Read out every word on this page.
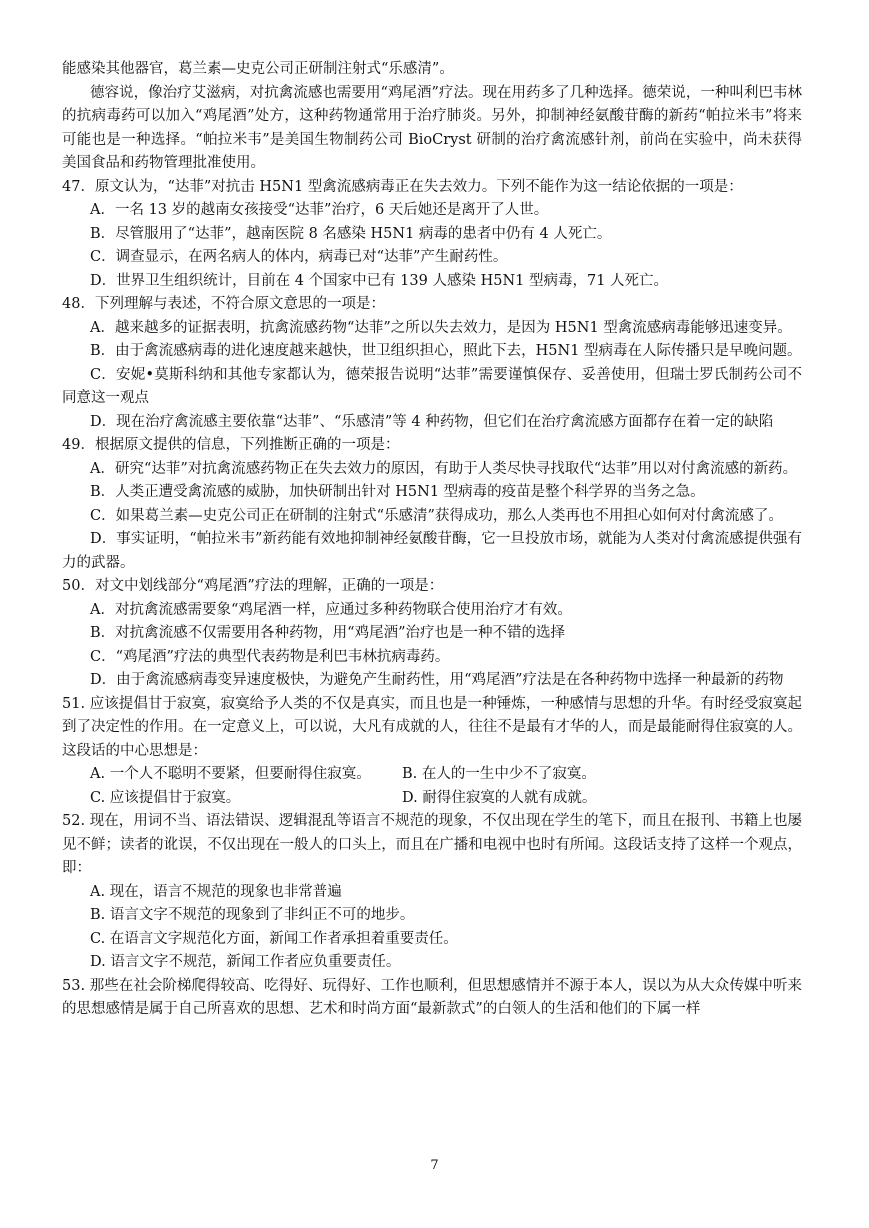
能感染其他器官，葛兰素—史克公司正研制注射式“乐感清”。

德容说，像治疗艾滋病，对抗禽流感也需要用“鸡尾酒”疗法。现在用药多了几种选择。德荣说，一种叫利巴韦林的抗病毒药可以加入“鸡尾酒”处方，这种药物通常用于治疗肺炎。另外，抑制神经氨酸苷酶的新药“帕拉米韦”将来可能也是一种选择。“帕拉米韦”是美国生物制药公司 BioCryst 研制的治疗禽流感针剂，前尚在实验中，尚未获得美国食品和药物管理批准使用。

47．原文认为，“达菲”对抗击 H5N1 型禽流感病毒正在失去效力。下列不能作为这一结论依据的一项是：

A．一名 13 岁的越南女孩接受“达菲”治疗，6 天后她还是离开了人世。

B．尽管服用了“达菲”，越南医院 8 名感染 H5N1 病毒的患者中仍有 4 人死亡。

C．调查显示，在两名病人的体内，病毒已对“达菲”产生耐药性。

D．世界卫生组织统计，目前在 4 个国家中已有 139 人感染 H5N1 型病毒，71 人死亡。

48．下列理解与表述，不符合原文意思的一项是：

A．越来越多的证据表明，抗禽流感药物“达菲”之所以失去效力，是因为 H5N1 型禽流感病毒能够迅速变异。

B．由于禽流感病毒的进化速度越来越快，世卫组织担心，照此下去，H5N1 型病毒在人际传播只是早晚问题。

C．安妮•莫斯科纳和其他专家都认为，德荣报告说明“达菲”需要谨慎保存、妥善使用，但瑞士罗氏制药公司不同意这一观点

D．现在治疗禽流感主要依靠“达菲”、“乐感清”等 4 种药物，但它们在治疗禽流感方面都存在着一定的缺陷

49．根据原文提供的信息，下列推断正确的一项是：

A．研究“达菲”对抗禽流感药物正在失去效力的原因，有助于人类尽快寻找取代“达菲”用以对付禽流感的新药。

B．人类正遭受禽流感的威胁，加快研制出针对 H5N1 型病毒的疫苗是整个科学界的当务之急。

C．如果葛兰素—史克公司正在研制的注射式“乐感清”获得成功，那么人类再也不用担心如何对付禽流感了。

D．事实证明，“帕拉米韦”新药能有效地抑制神经氨酸苷酶，它一旦投放市场，就能为人类对付禽流感提供强有力的武器。

50．对文中划线部分“鸡尾酒”疗法的理解，正确的一项是：

A．对抗禽流感需要象“鸡尾酒一样，应通过多种药物联合使用治疗才有效。

B．对抗禽流感不仅需要用各种药物，用“鸡尾酒”治疗也是一种不错的选择

C．“鸡尾酒”疗法的典型代表药物是利巴韦林抗病毒药。

D．由于禽流感病毒变异速度极快，为避免产生耐药性，用“鸡尾酒”疗法是在各种药物中选择一种最新的药物

51. 应该提倡甘于寂寞，寂寞给予人类的不仅是真实，而且也是一种锤炼，一种感情与思想的升华。有时经受寂寞起到了决定性的作用。在一定意义上，可以说，大凡有成就的人，往往不是最有才华的人，而是最能耐得住寂寞的人。这段话的中心思想是：

A. 一个人不聪明不要紧，但要耐得住寂寞。	B. 在人的一生中少不了寂寞。
C. 应该提倡甘于寂寞。	D. 耐得住寂寞的人就有成就。

52. 现在，用词不当、语法错误、逻辑混乱等语言不规范的现象，不仅出现在学生的笔下，而且在报刊、书籍上也屡见不鲜；读者的讹误，不仅出现在一般人的口头上，而且在广播和电视中也时有所闻。这段话支持了这样一个观点，即：

A. 现在，语言不规范的现象也非常普遍

B. 语言文字不规范的现象到了非纠正不可的地步。

C. 在语言文字规范化方面，新闻工作者承担着重要责任。

D. 语言文字不规范，新闻工作者应负重要责任。

53. 那些在社会阶梯爬得较高、吃得好、玩得好、工作也顺利，但思想感情并不源于本人，误以为从大众传媒中听来的思想感情是属于自己所喜欢的思想、艺术和时尚方面“最新款式”的白领人的生活和他们的下属一样

7
